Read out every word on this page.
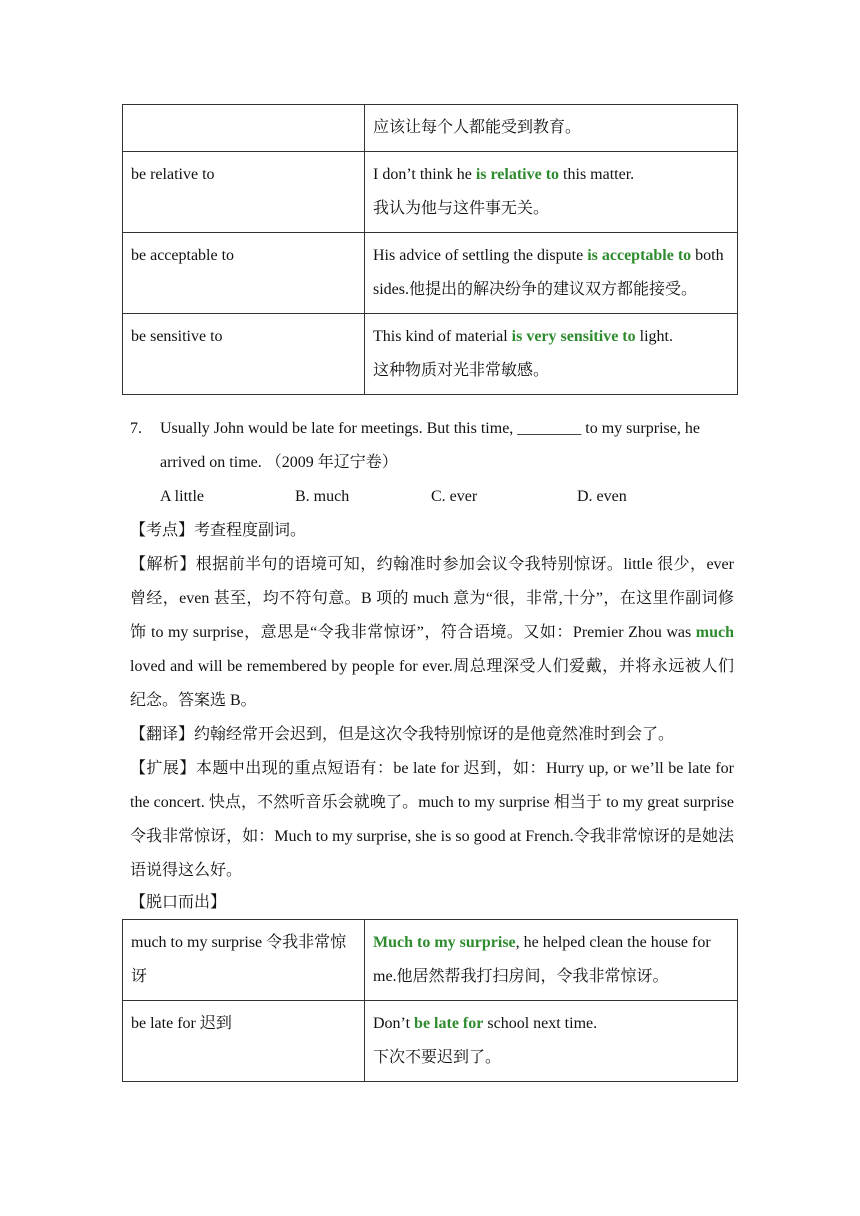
	应该让每个人都能受到教育。
be relative to	I don’t think he is relative to this matter.
我认为他与这件事无关。
be acceptable to	His advice of settling the dispute is acceptable to both sides.他提出的解决纷争的建议双方都能接受。
be sensitive to	This kind of material is very sensitive to light.
这种物质对光非常敏感。
7. Usually John would be late for meetings. But this time, ________ to my surprise, he arrived on time. （2009 年辽宁卷）
A little	B. much	C. ever	D. even
【考点】考查程度副词。
【解析】根据前半句的语境可知，约翰准时参加会议令我特别惊讶。little 很少，ever 曾经，even 甚至，均不符句意。B 项的 much 意为“很，非常,十分”，在这里作副词修饰 to my surprise，意思是“令我非常惊讶”，符合语境。又如：Premier Zhou was much loved and will be remembered by people for ever.周总理深受人们爱戴，并将永远被人们纪念。答案选 B。
【翻译】约翰经常开会迟到，但是这次令我特别惊讶的是他竟然准时到会了。
【扩展】本题中出现的重点短语有：be late for 迟到，如：Hurry up, or we’ll be late for the concert. 快点，不然听音乐会就晚了。much to my surprise 相当于 to my great surprise 令我非常惊讶，如：Much to my surprise, she is so good at French.令我非常惊讶的是她法语说得这么好。
【脱口而出】
much to my surprise 令我非常惊讶	Much to my surprise, he helped clean the house for me.他居然帮我打扫房间，令我非常惊讶。
be late for 迟到	Don’t be late for school next time.
下次不要迟到了。
